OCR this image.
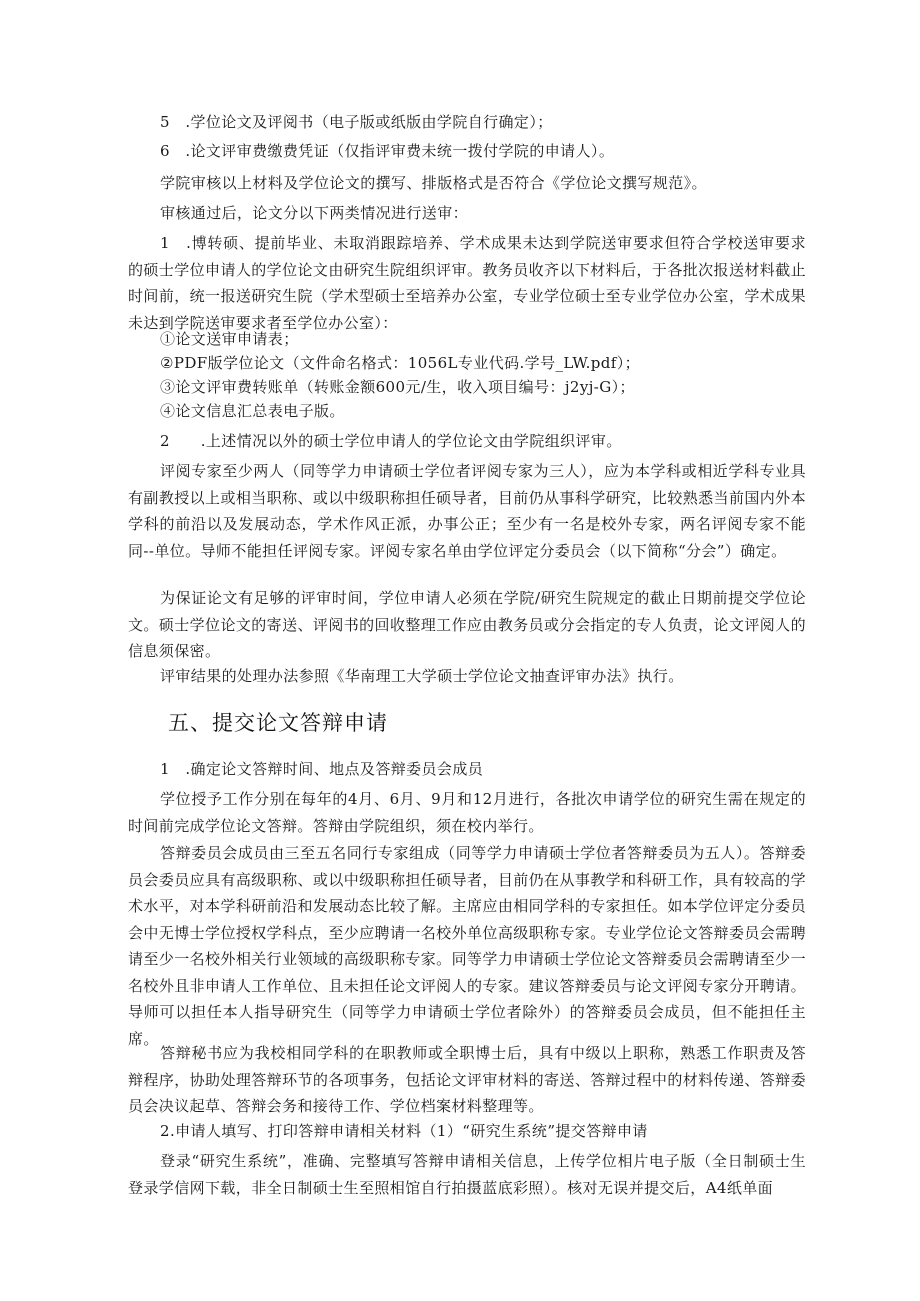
5　.学位论文及评阅书（电子版或纸版由学院自行确定）；

6　.论文评审费缴费凭证（仅指评审费未统一拨付学院的申请人）。

学院审核以上材料及学位论文的撰写、排版格式是否符合《学位论文撰写规范》。

审核通过后，论文分以下两类情况进行送审：

1　.博转硕、提前毕业、未取消跟踪培养、学术成果未达到学院送审要求但符合学校送审要求的硕士学位申请人的学位论文由研究生院组织评审。教务员收齐以下材料后，于各批次报送材料截止时间前，统一报送研究生院（学术型硕士至培养办公室，专业学位硕士至专业学位办公室，学术成果未达到学院送审要求者至学位办公室）：

①论文送审申请表；

②PDF版学位论文（文件命名格式：1056L专业代码.学号_LW.pdf）；

③论文评审费转账单（转账金额600元/生，收入项目编号：j2yj-G）；

④论文信息汇总表电子版。

2　　.上述情况以外的硕士学位申请人的学位论文由学院组织评审。

评阅专家至少两人（同等学力申请硕士学位者评阅专家为三人），应为本学科或相近学科专业具有副教授以上或相当职称、或以中级职称担任硕导者，目前仍从事科学研究，比较熟悉当前国内外本学科的前沿以及发展动态，学术作风正派，办事公正；至少有一名是校外专家，两名评阅专家不能同--单位。导师不能担任评阅专家。评阅专家名单由学位评定分委员会（以下简称“分会”）确定。

为保证论文有足够的评审时间，学位申请人必须在学院/研究生院规定的截止日期前提交学位论文。硕士学位论文的寄送、评阅书的回收整理工作应由教务员或分会指定的专人负责，论文评阅人的信息须保密。

评审结果的处理办法参照《华南理工大学硕士学位论文抽查评审办法》执行。

五、提交论文答辩申请

1　.确定论文答辩时间、地点及答辩委员会成员

学位授予工作分别在每年的4月、6月、9月和12月进行，各批次申请学位的研究生需在规定的时间前完成学位论文答辩。答辩由学院组织，须在校内举行。

答辩委员会成员由三至五名同行专家组成（同等学力申请硕士学位者答辩委员为五人）。答辩委员会委员应具有高级职称、或以中级职称担任硕导者，目前仍在从事教学和科研工作，具有较高的学术水平，对本学科研前沿和发展动态比较了解。主席应由相同学科的专家担任。如本学位评定分委员会中无博士学位授权学科点，至少应聘请一名校外单位高级职称专家。专业学位论文答辩委员会需聘请至少一名校外相关行业领域的高级职称专家。同等学力申请硕士学位论文答辩委员会需聘请至少一名校外且非申请人工作单位、且未担任论文评阅人的专家。建议答辩委员与论文评阅专家分开聘请。导师可以担任本人指导研究生（同等学力申请硕士学位者除外）的答辩委员会成员，但不能担任主席。

答辩秘书应为我校相同学科的在职教师或全职博士后，具有中级以上职称，熟悉工作职责及答辩程序，协助处理答辩环节的各项事务，包括论文评审材料的寄送、答辩过程中的材料传递、答辩委员会决议起草、答辩会务和接待工作、学位档案材料整理等。

2.申请人填写、打印答辩申请相关材料（1）“研究生系统”提交答辩申请

登录“研究生系统”，准确、完整填写答辩申请相关信息，上传学位相片电子版（全日制硕士生登录学信网下载，非全日制硕士生至照相馆自行拍摄蓝底彩照）。核对无误并提交后，A4纸单面
